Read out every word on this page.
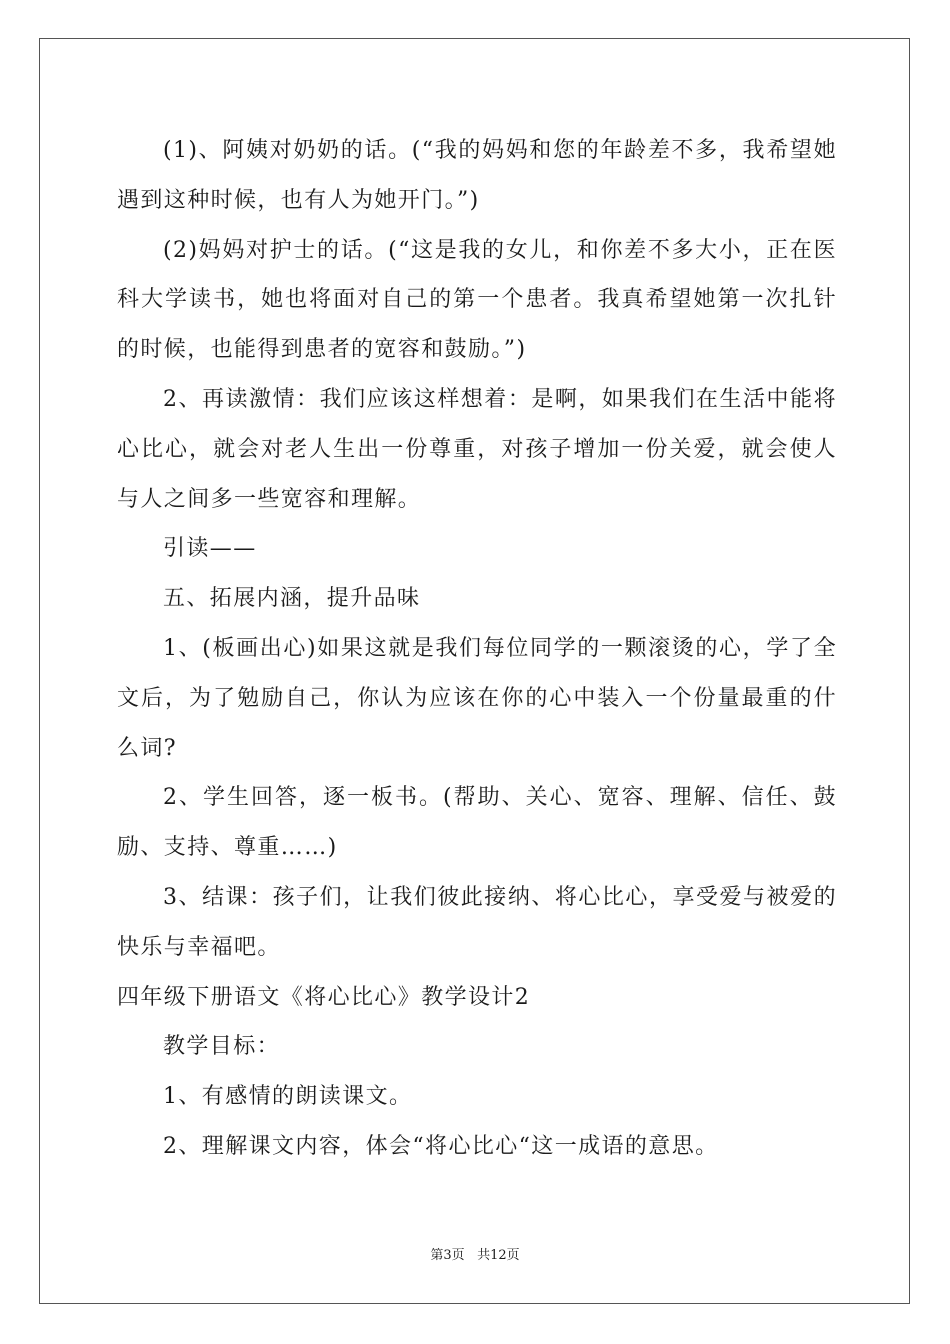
(1)、阿姨对奶奶的话。(“我的妈妈和您的年龄差不多，我希望她遇到这种时候，也有人为她开门。”)

(2)妈妈对护士的话。(“这是我的女儿，和你差不多大小，正在医科大学读书，她也将面对自己的第一个患者。我真希望她第一次扎针的时候，也能得到患者的宽容和鼓励。”)

2、再读激情：我们应该这样想着：是啊，如果我们在生活中能将心比心，就会对老人生出一份尊重，对孩子增加一份关爱，就会使人与人之间多一些宽容和理解。

引读——

五、拓展内涵，提升品味

1、(板画出心)如果这就是我们每位同学的一颗滚烫的心，学了全文后，为了勉励自己，你认为应该在你的心中装入一个份量最重的什么词?

2、学生回答，逐一板书。(帮助、关心、宽容、理解、信任、鼓励、支持、尊重……)

3、结课：孩子们，让我们彼此接纳、将心比心，享受爱与被爱的快乐与幸福吧。

四年级下册语文《将心比心》教学设计2

教学目标：

1、有感情的朗读课文。

2、理解课文内容，体会“将心比心“这一成语的意思。

第3页 共12页
